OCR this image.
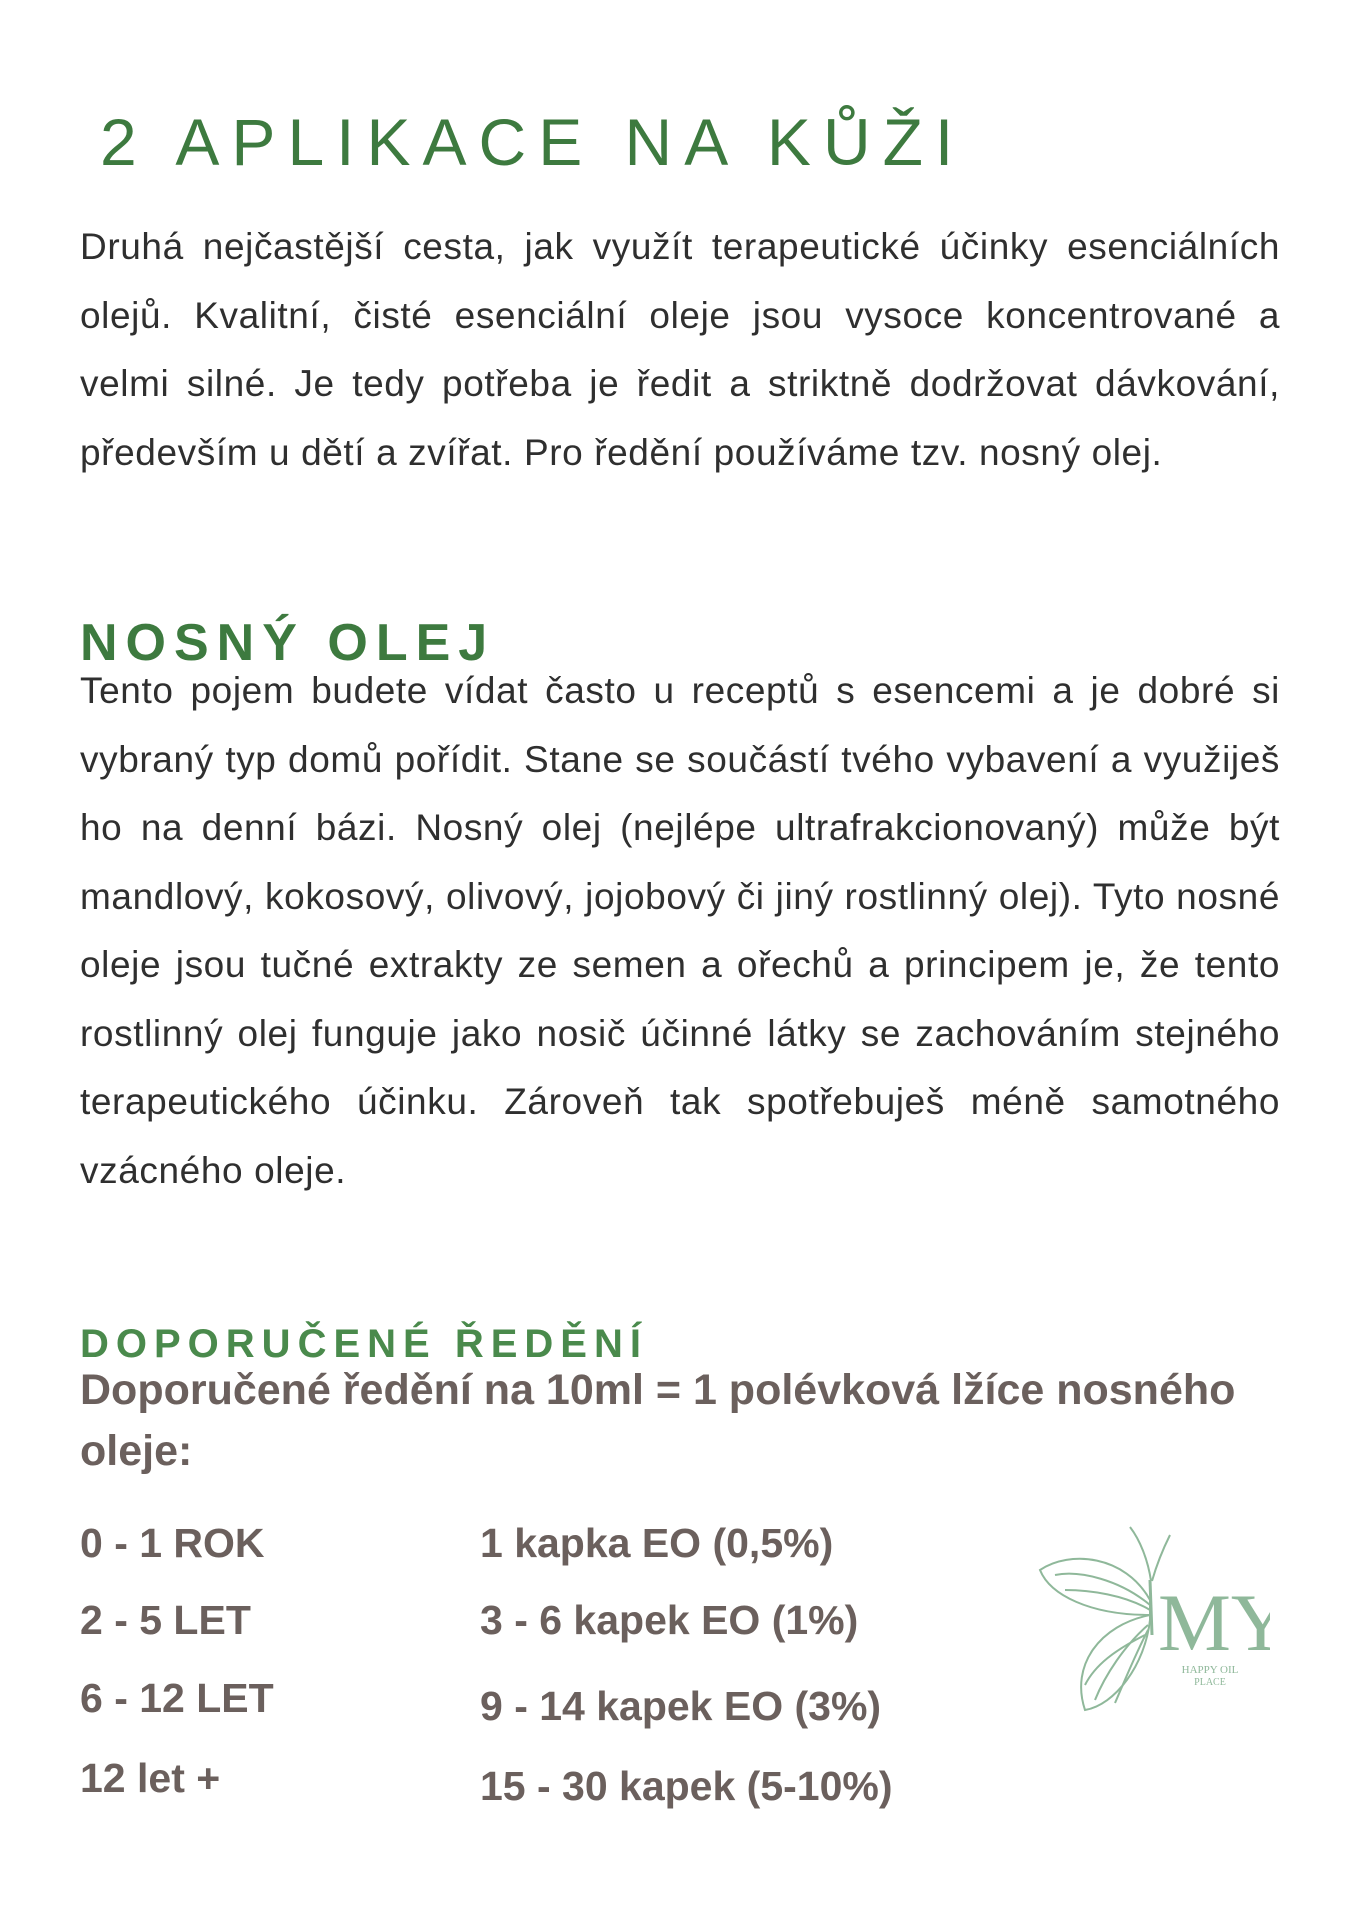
2 APLIKACE NA KŮŽI

Druhá nejčastější cesta, jak využít terapeutické účinky esenciálních olejů. Kvalitní, čisté esenciální oleje jsou vysoce koncentrované a velmi silné. Je tedy potřeba je ředit a striktně dodržovat dávkování, především u dětí a zvířat. Pro ředění používáme tzv. nosný olej.

NOSNÝ OLEJ

Tento pojem budete vídat často u receptů s esencemi a je dobré si vybraný typ domů pořídit. Stane se součástí tvého vybavení a využiješ ho na denní bázi. Nosný olej (nejlépe ultrafrakcionovaný) může být mandlový, kokosový, olivový, jojobový či jiný rostlinný olej). Tyto nosné oleje jsou tučné extrakty ze semen a ořechů a principem je, že tento rostlinný olej funguje jako nosič účinné látky se zachováním stejného terapeutického účinku. Zároveň tak spotřebuješ méně samotného vzácného oleje.

DOPORUČENÉ ŘEDĚNÍ
Doporučené ředění na 10ml = 1 polévková lžíce nosného oleje:
0 - 1 ROK	1 kapka EO (0,5%)
2 - 5 LET	3 - 6 kapek EO (1%)
6 - 12 LET	9 - 14 kapek EO (3%)
12 let +	15 - 30 kapek (5-10%)
MY
HAPPY OIL
PLACE
